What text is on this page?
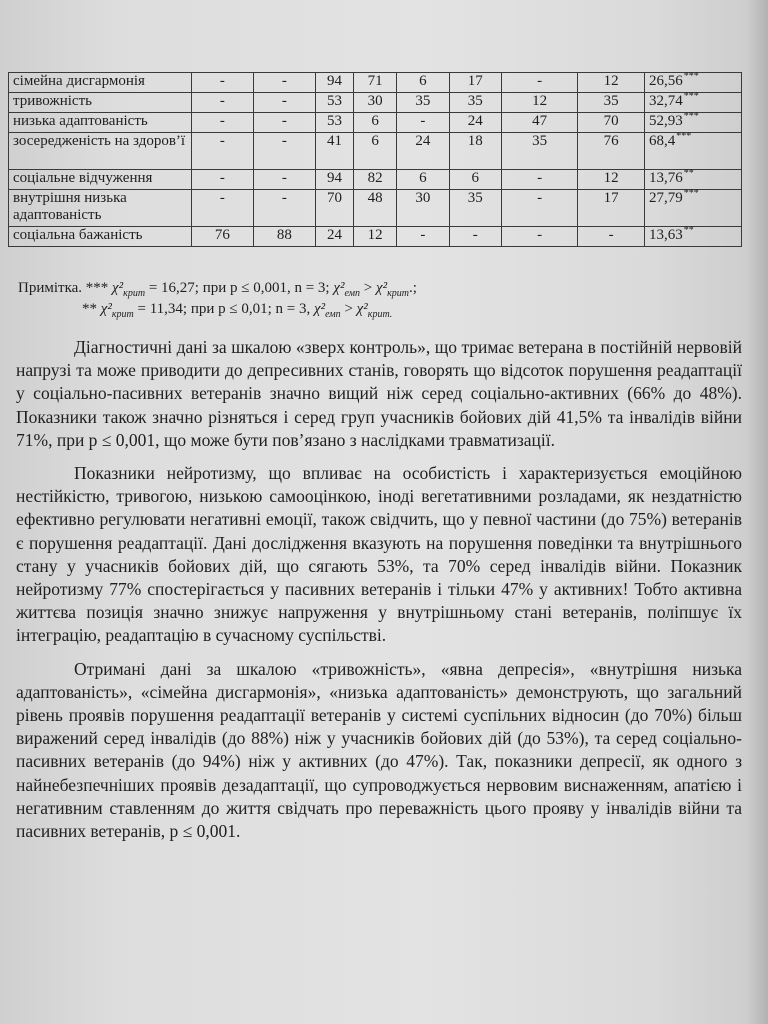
сімейна дисгармонія	-	-	94	71	6	17	-	12	26,56***
тривожність	-	-	53	30	35	35	12	35	32,74***
низька адаптованість	-	-	53	6	-	24	47	70	52,93***
зосередженість на здоров’ї	-	-	41	6	24	18	35	76	68,4***
соціальне відчуження	-	-	94	82	6	6	-	12	13,76**
внутрішня низька адаптованість	-	-	70	48	30	35	-	17	27,79***
соціальна бажаність	76	88	24	12	-	-	-	-	13,63**
Примітка. *** $\chi^2_{крит} = 16,27$; при р ≤ 0,001, n = 3; $\chi^2_{емп} > \chi^2_{крит}$.;
** $\chi^2_{крит} = 11,34$; при р ≤ 0,01; n = 3, $\chi^2_{емп} > \chi^2_{крит.}$

Діагностичні дані за шкалою «зверх контроль», що тримає ветерана в постійній нервовій напрузі та може приводити до депресивних станів, говорять що відсоток порушення реадаптації у соціально-пасивних ветеранів значно вищий ніж серед соціально-активних (66% до 48%). Показники також значно різняться і серед груп учасників бойових дій 41,5% та інвалідів війни 71%, при р ≤ 0,001, що може бути пов’язано з наслідками травматизації.

Показники нейротизму, що впливає на особистість і характеризується емоційною нестійкістю, тривогою, низькою самооцінкою, іноді вегетативними розладами, як нездатністю ефективно регулювати негативні емоції, також свідчить, що у певної частини (до 75%) ветеранів є порушення реадаптації. Дані дослідження вказують на порушення поведінки та внутрішнього стану у учасників бойових дій, що сягають 53%, та 70% серед інвалідів війни. Показник нейротизму 77% спостерігається у пасивних ветеранів і тільки 47% у активних! Тобто активна життєва позиція значно знижує напруження у внутрішньому стані ветеранів, поліпшує їх інтеграцію, реадаптацію в сучасному суспільстві.

Отримані дані за шкалою «тривожність», «явна депресія», «внутрішня низька адаптованість», «сімейна дисгармонія», «низька адаптованість» демонструють, що загальний рівень проявів порушення реадаптації ветеранів у системі суспільних відносин (до 70%) більш виражений серед інвалідів (до 88%) ніж у учасників бойових дій (до 53%), та серед соціально-пасивних ветеранів (до 94%) ніж у активних (до 47%). Так, показники депресії, як одного з найнебезпечніших проявів дезадаптації, що супроводжується нервовим виснаженням, апатією і негативним ставленням до життя свідчать про переважність цього прояву у інвалідів війни та пасивних ветеранів, р ≤ 0,001.
